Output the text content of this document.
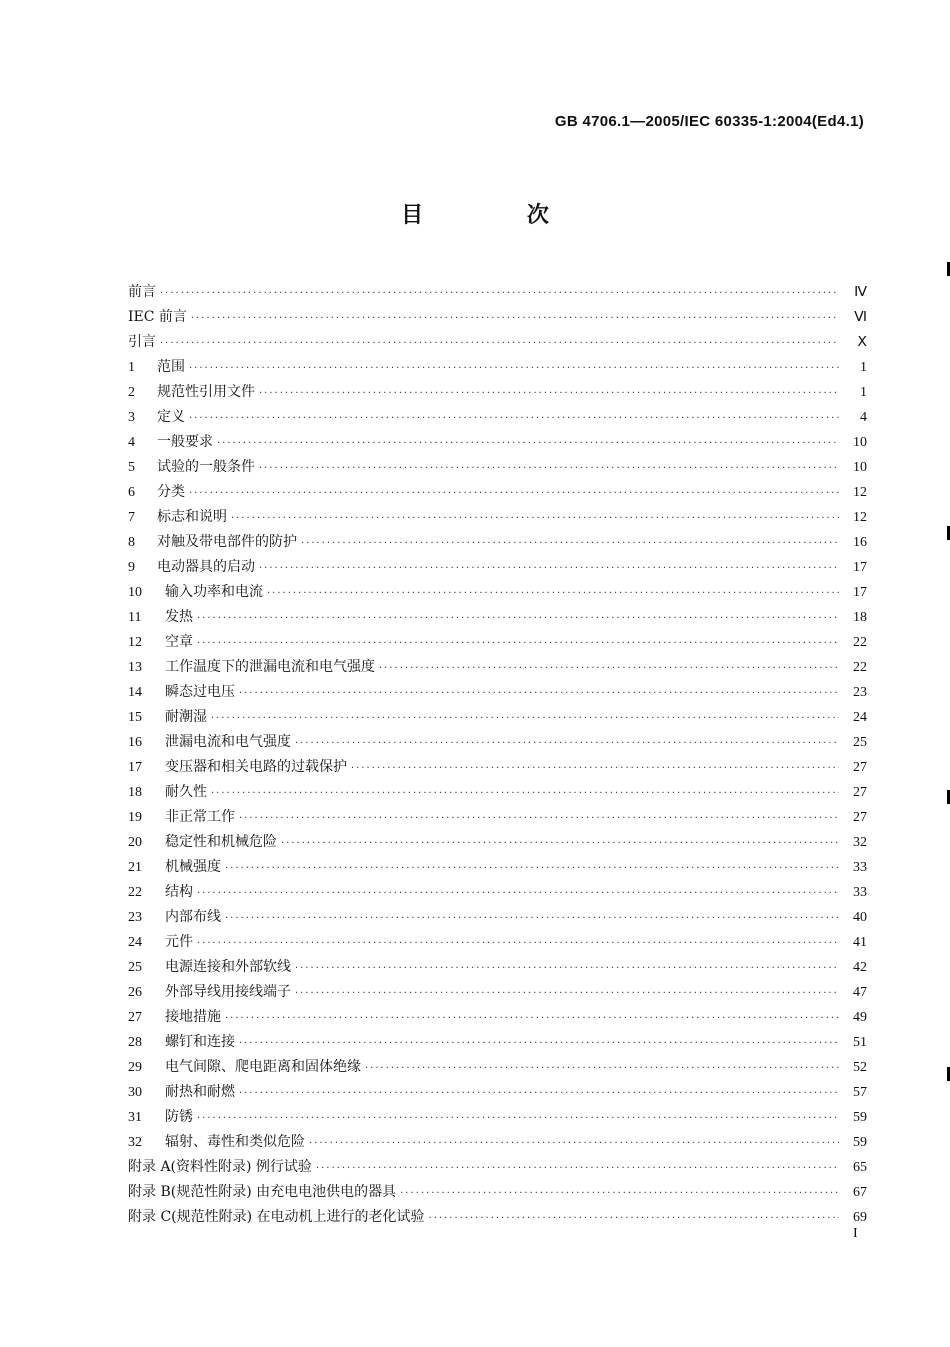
GB 4706.1—2005/IEC 60335-1:2004(Ed4.1)
目 次
前言 ·····	Ⅳ
IEC 前言 ·····	Ⅵ
引言 ·····	Ⅹ
1	范围 ·····	1
2	规范性引用文件 ·····	1
3	定义 ·····	4
4	一般要求 ·····	10
5	试验的一般条件 ·····	10
6	分类 ·····	12
7	标志和说明 ·····	12
8	对触及带电部件的防护 ·····	16
9	电动器具的启动 ·····	17
10	输入功率和电流 ·····	17
11	发热 ·····	18
12	空章 ·····	22
13	工作温度下的泄漏电流和电气强度 ·····	22
14	瞬态过电压 ·····	23
15	耐潮湿 ·····	24
16	泄漏电流和电气强度 ·····	25
17	变压器和相关电路的过载保护 ·····	27
18	耐久性 ·····	27
19	非正常工作 ·····	27
20	稳定性和机械危险 ·····	32
21	机械强度 ·····	33
22	结构 ·····	33
23	内部布线 ·····	40
24	元件 ·····	41
25	电源连接和外部软线 ·····	42
26	外部导线用接线端子 ·····	47
27	接地措施 ·····	49
28	螺钉和连接 ·····	51
29	电气间隙、爬电距离和固体绝缘 ·····	52
30	耐热和耐燃 ·····	57
31	防锈 ·····	59
32	辐射、毒性和类似危险 ·····	59
附录 A(资料性附录) 例行试验 ·····	65
附录 B(规范性附录) 由充电电池供电的器具 ·····	67
附录 C(规范性附录) 在电动机上进行的老化试验 ·····	69
I
